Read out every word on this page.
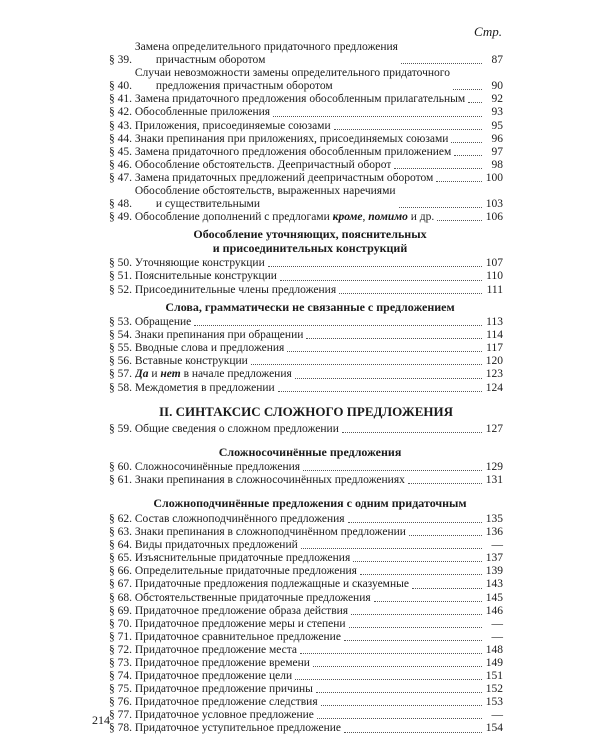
Стр.
§ 39.

Замена определительного придаточного предложения

причастным оборотом	87
§ 40.

Случаи невозможности замены определительного придаточного

предложения причастным оборотом	90
§ 41.
Замена придаточного предложения обособленным прилагательным	92
§ 42.
Обособленные приложения	93
§ 43.
Приложения, присоединяемые союзами	95
§ 44.
Знаки препинания при приложениях, присоединяемых союзами	96
§ 45.
Замена придаточного предложения обособленным приложением	97
§ 46.
Обособление обстоятельств. Деепричастный оборот	98
§ 47.
Замена придаточных предложений деепричастным оборотом	100
§ 48.

Обособление обстоятельств, выраженных наречиями

и существительными	103
§ 49.
Обособление дополнений с предлогами кроме, помимо и др.	106
Обособление уточняющих, пояснительных
и присоединительных конструкций
§ 50.
Уточняющие конструкции	107
§ 51.
Пояснительные конструкции	110
§ 52.
Присоединительные члены предложения	111
Слова, грамматически не связанные с предложением
§ 53.
Обращение	113
§ 54.
Знаки препинания при обращении	114
§ 55.
Вводные слова и предложения	117
§ 56.
Вставные конструкции	120
§ 57.
Да и нет в начале предложения	123
§ 58.
Междометия в предложении	124
II. СИНТАКСИС СЛОЖНОГО ПРЕДЛОЖЕНИЯ
§ 59.
Общие сведения о сложном предложении	127
Сложносочинённые предложения
§ 60.
Сложносочинённые предложения	129
§ 61.
Знаки препинания в сложносочинённых предложениях	131
Сложноподчинённые предложения с одним придаточным
§ 62.
Состав сложноподчинённого предложения	135
§ 63.
Знаки препинания в сложноподчинённом предложении	136
§ 64.
Виды придаточных предложений	—
§ 65.
Изъяснительные придаточные предложения	137
§ 66.
Определительные придаточные предложения	139
§ 67.
Придаточные предложения подлежащные и сказуемные	143
§ 68.
Обстоятельственные придаточные предложения	145
§ 69.
Придаточное предложение образа действия	146
§ 70.
Придаточное предложение меры и степени	—
§ 71.
Придаточное сравнительное предложение	—
§ 72.
Придаточное предложение места	148
§ 73.
Придаточное предложение времени	149
§ 74.
Придаточное предложение цели	151
§ 75.
Придаточное предложение причины	152
§ 76.
Придаточное предложение следствия	153
§ 77.
Придаточное условное предложение	—
§ 78.
Придаточное уступительное предложение	154
214
